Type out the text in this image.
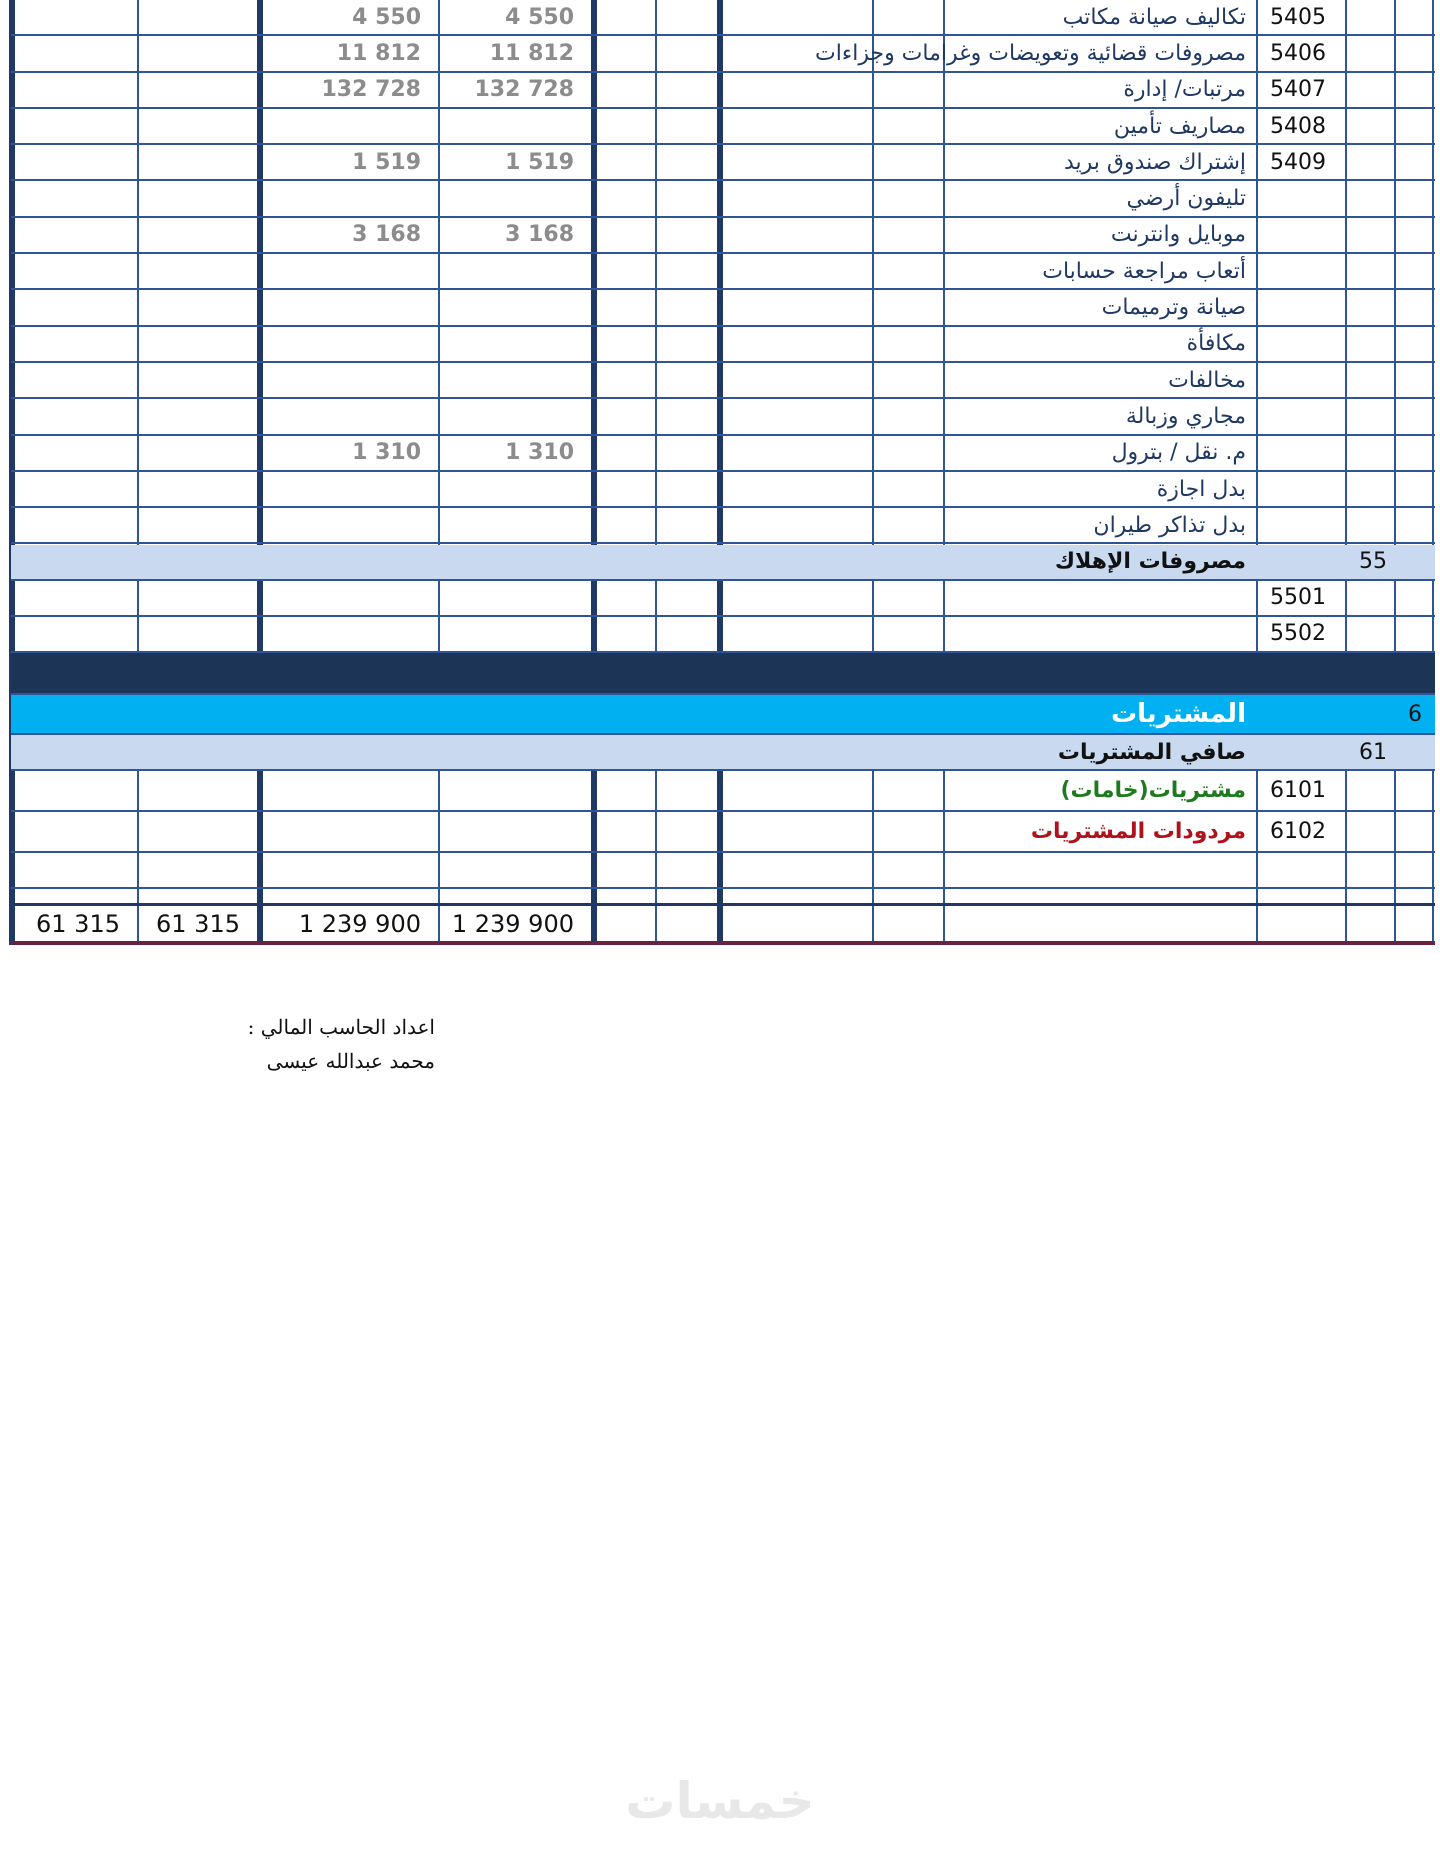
4 550	4 550	تكاليف صيانة مكاتب	5405
11 812	11 812	مصروفات قضائية وتعويضات وغرامات وجزاءات	5406
132 728	132 728	مرتبات/ إدارة	5407
مصاريف تأمين	5408
1 519	1 519	إشتراك صندوق بريد	5409
تليفون أرضي
3 168	3 168	موبايل وانترنت
أتعاب مراجعة حسابات
صيانة وترميمات
مكافأة
مخالفات
مجاري وزبالة
1 310	1 310	م. نقل / بترول
بدل اجازة
بدل تذاكر طيران
مصروفات الإهلاك	55
5501
5502
المشتريات	6
صافي المشتريات	61
مشتريات(خامات)	6101
مردودات المشتريات	6102
61 315	61 315	1 239 900	1 239 900
اعداد الحاسب المالي :
محمد عبدالله عيسى
خمسات
